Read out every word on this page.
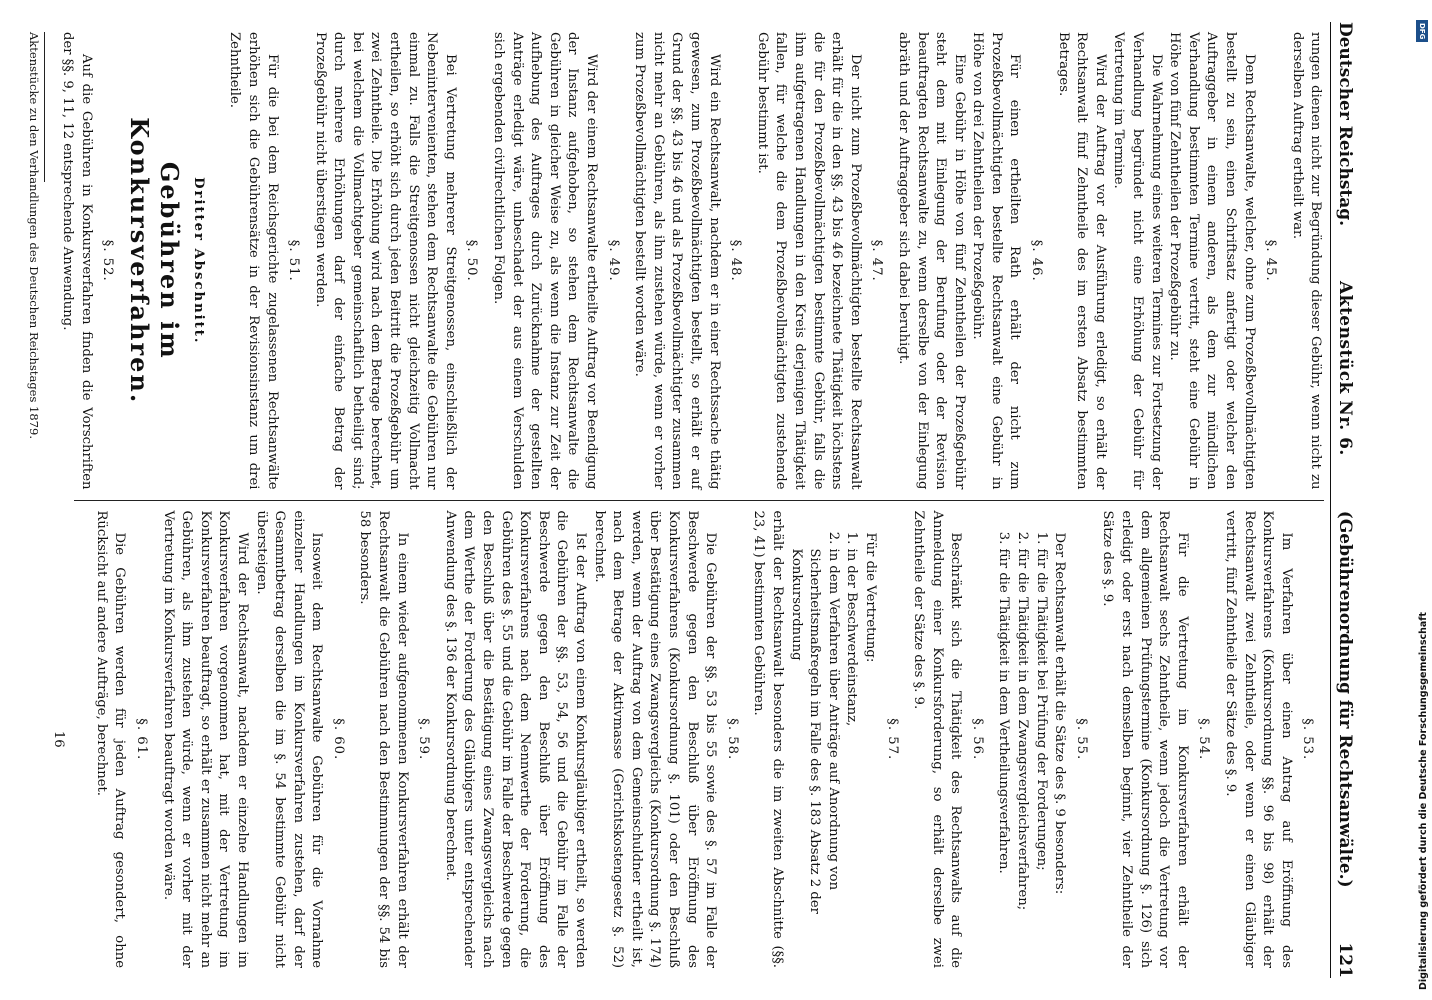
Deutscher Reichstag.
Aktenstück Nr. 6.
(Gebührenordnung für Rechtsanwälte.)
121

rungen dienen nicht zur Begründung dieser Gebühr, wenn nicht zu derselben Auftrag ertheilt war.

§. 45.

Dem Rechtsanwalte, welcher, ohne zum Prozeßbevollmächtigten bestellt zu sein, einen Schriftsatz anfertigt oder welcher den Auftraggeber in einem anderen, als dem zur mündlichen Verhandlung bestimmten Termine vertritt, steht eine Gebühr in Höhe von fünf Zehntheilen der Prozeßgebühr zu.

Die Wahrnehmung eines weiteren Termines zur Fortsetzung der Verhandlung begründet nicht eine Erhöhung der Gebühr für Vertretung im Termine.

Wird der Auftrag vor der Ausführung erledigt, so erhält der Rechtsanwalt fünf Zehntheile des im ersten Absatz bestimmten Betrages.

§. 46.

Für einen ertheilten Rath erhält der nicht zum Prozeßbevollmächtigten bestellte Rechtsanwalt eine Gebühr in Höhe von drei Zehntheilen der Prozeßgebühr.

Eine Gebühr in Höhe von fünf Zehntheilen der Prozeßgebühr steht dem mit Einlegung der Berufung oder der Revision beauftragten Rechtsanwalte zu, wenn derselbe von der Einlegung abräth und der Auftraggeber sich dabei beruhigt.

§. 47.

Der nicht zum Prozeßbevollmächtigten bestellte Rechtsanwalt erhält für die in den §§. 43 bis 46 bezeichnete Thätigkeit höchstens die für den Prozeßbevollmächtigten bestimmte Gebühr, falls die ihm aufgetragenen Handlungen in den Kreis derjenigen Thätigkeit fallen, für welche die dem Prozeßbevollmächtigten zustehende Gebühr bestimmt ist.

§. 48.

Wird ein Rechtsanwalt, nachdem er in einer Rechtssache thätig gewesen, zum Prozeßbevollmächtigten bestellt, so erhält er auf Grund der §§. 43 bis 46 und als Prozeßbevollmächtigter zusammen nicht mehr an Gebühren, als ihm zustehen würde, wenn er vorher zum Prozeßbevollmächtigten bestellt worden wäre.

§. 49.

Wird der einem Rechtsanwalte ertheilte Auftrag vor Beendigung der Instanz aufgehoben, so stehen dem Rechtsanwalte die Gebühren in gleicher Weise zu, als wenn die Instanz zur Zeit der Aufhebung des Auftrages durch Zurücknahme der gestellten Anträge erledigt wäre, unbeschadet der aus einem Verschulden sich ergebenden civilrechtlichen Folgen.

§. 50.

Bei Vertretung mehrerer Streitgenossen, einschließlich der Nebenintervenienten, stehen dem Rechtsanwalte die Gebühren nur einmal zu. Falls die Streitgenossen nicht gleichzeitig Vollmacht ertheilen, so erhöht sich durch jeden Beitritt die Prozeßgebühr um zwei Zehntheile. Die Erhöhung wird nach dem Betrage berechnet, bei welchem die Vollmachtgeber gemeinschaftlich betheiligt sind; durch mehrere Erhöhungen darf der einfache Betrag der Prozeßgebühr nicht überstiegen werden.

§. 51.

Für die bei dem Reichsgerichte zugelassenen Rechtsanwälte erhöhen sich die Gebührensätze in der Revisionsinstanz um drei Zehntheile.

Dritter Abschnitt.
Gebühren im Konkursverfahren.
§. 52.

Auf die Gebühren in Konkursverfahren finden die Vorschriften der §§. 9, 11, 12 entsprechende Anwendung.

Aktenstücke zu den Verhandlungen des Deutschen Reichstages 1879.

§. 53.

Im Verfahren über einen Antrag auf Eröffnung des Konkursverfahrens (Konkursordnung §§. 96 bis 98) erhält der Rechtsanwalt zwei Zehntheile, oder wenn er einen Gläubiger vertritt, fünf Zehntheile der Sätze des §. 9.

§. 54.

Für die Vertretung im Konkursverfahren erhält der Rechtsanwalt sechs Zehntheile, wenn jedoch die Vertretung vor dem allgemeinen Prüfungstermine (Konkursordnung §. 126) sich erledigt oder erst nach demselben beginnt, vier Zehntheile der Sätze des §. 9.

§. 55.

Der Rechtsanwalt erhält die Sätze des §. 9 besonders:

1. für die Thätigkeit bei Prüfung der Forderungen;
2. für die Thätigkeit in dem Zwangsvergleichsverfahren;
3. für die Thätigkeit in dem Vertheilungsverfahren.
§. 56.

Beschränkt sich die Thätigkeit des Rechtsanwalts auf die Anmeldung einer Konkursforderung, so erhält derselbe zwei Zehntheile der Sätze des §. 9.

§. 57.

Für die Vertretung:

1. in der Beschwerdeinstanz,
2. in dem Verfahren über Anträge auf Anordnung von Sicherheitsmaßregeln im Falle des §. 183 Absatz 2 der Konkursordnung

erhält der Rechtsanwalt besonders die im zweiten Abschnitte (§§. 23, 41) bestimmten Gebühren.

§. 58.

Die Gebühren der §§. 53 bis 55 sowie des §. 57 im Falle der Beschwerde gegen den Beschluß über Eröffnung des Konkursverfahrens (Konkursordnung §. 101) oder den Beschluß über Bestätigung eines Zwangsvergleichs (Konkursordnung §. 174) werden, wenn der Auftrag von dem Gemeinschuldner ertheilt ist, nach dem Betrage der Aktivmasse (Gerichtskostengesetz §. 52) berechnet.

Ist der Auftrag von einem Konkursgläubiger ertheilt, so werden die Gebühren der §§. 53, 54, 56 und die Gebühr im Falle der Beschwerde gegen den Beschluß über Eröffnung des Konkursverfahrens nach dem Nennwerthe der Forderung, die Gebühren des §. 55 und die Gebühr im Falle der Beschwerde gegen den Beschluß über die Bestätigung eines Zwangsvergleichs nach dem Werthe der Forderung des Gläubigers unter entsprechender Anwendung des §. 136 der Konkursordnung berechnet.

§. 59.

In einem wieder aufgenommenen Konkursverfahren erhält der Rechtsanwalt die Gebühren nach den Bestimmungen der §§. 54 bis 58 besonders.

§. 60.

Insoweit dem Rechtsanwalte Gebühren für die Vornahme einzelner Handlungen im Konkursverfahren zustehen, darf der Gesammtbetrag derselben die im §. 54 bestimmte Gebühr nicht übersteigen.

Wird der Rechtsanwalt, nachdem er einzelne Handlungen im Konkursverfahren vorgenommen hat, mit der Vertretung im Konkursverfahren beauftragt, so erhält er zusammen nicht mehr an Gebühren, als ihm zustehen würde, wenn er vorher mit der Vertretung im Konkursverfahren beauftragt worden wäre.

§. 61.

Die Gebühren werden für jeden Auftrag gesondert, ohne Rücksicht auf andere Aufträge, berechnet.

16
DFG
Digitalisierung gefördert durch die Deutsche Forschungsgemeinschaft
